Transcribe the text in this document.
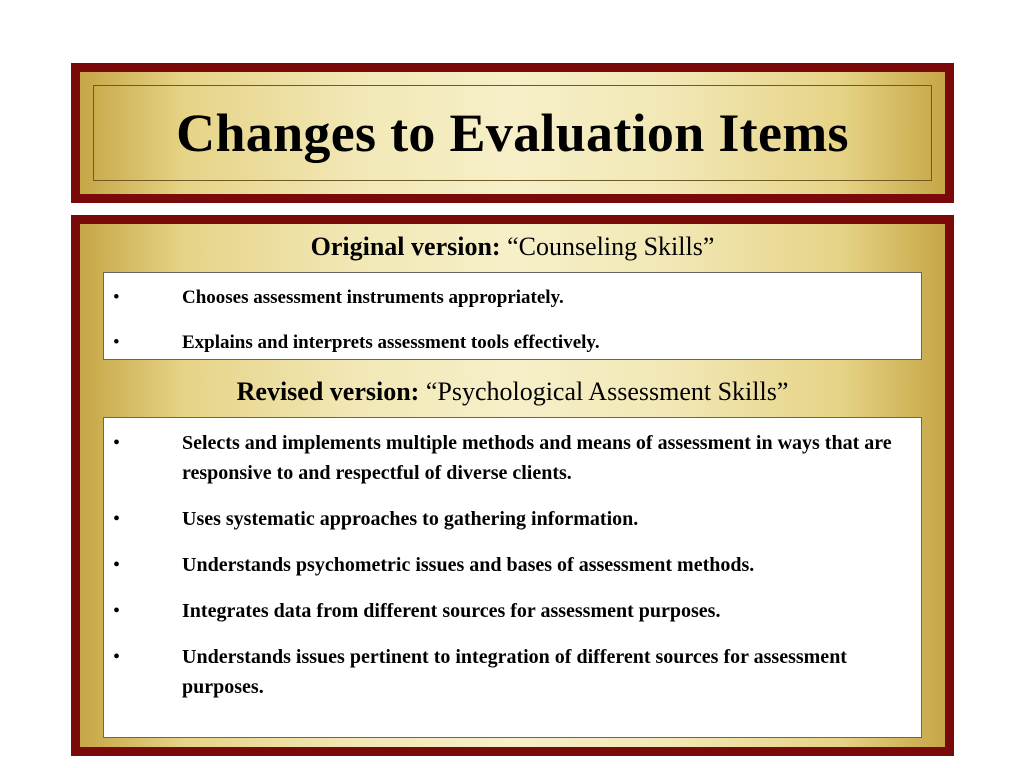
Changes to Evaluation Items
Original version: “Counseling Skills”
•	Chooses assessment instruments appropriately.
•	Explains and interprets assessment tools effectively.
Revised version: “Psychological Assessment Skills”
•	Selects and implements multiple methods and means of assessment in ways that are responsive to and respectful of diverse clients.
•	Uses systematic approaches to gathering information.
•	Understands psychometric issues and bases of assessment methods.
•	Integrates data from different sources for assessment purposes.
•	Understands issues pertinent to integration of different sources for assessment purposes.
